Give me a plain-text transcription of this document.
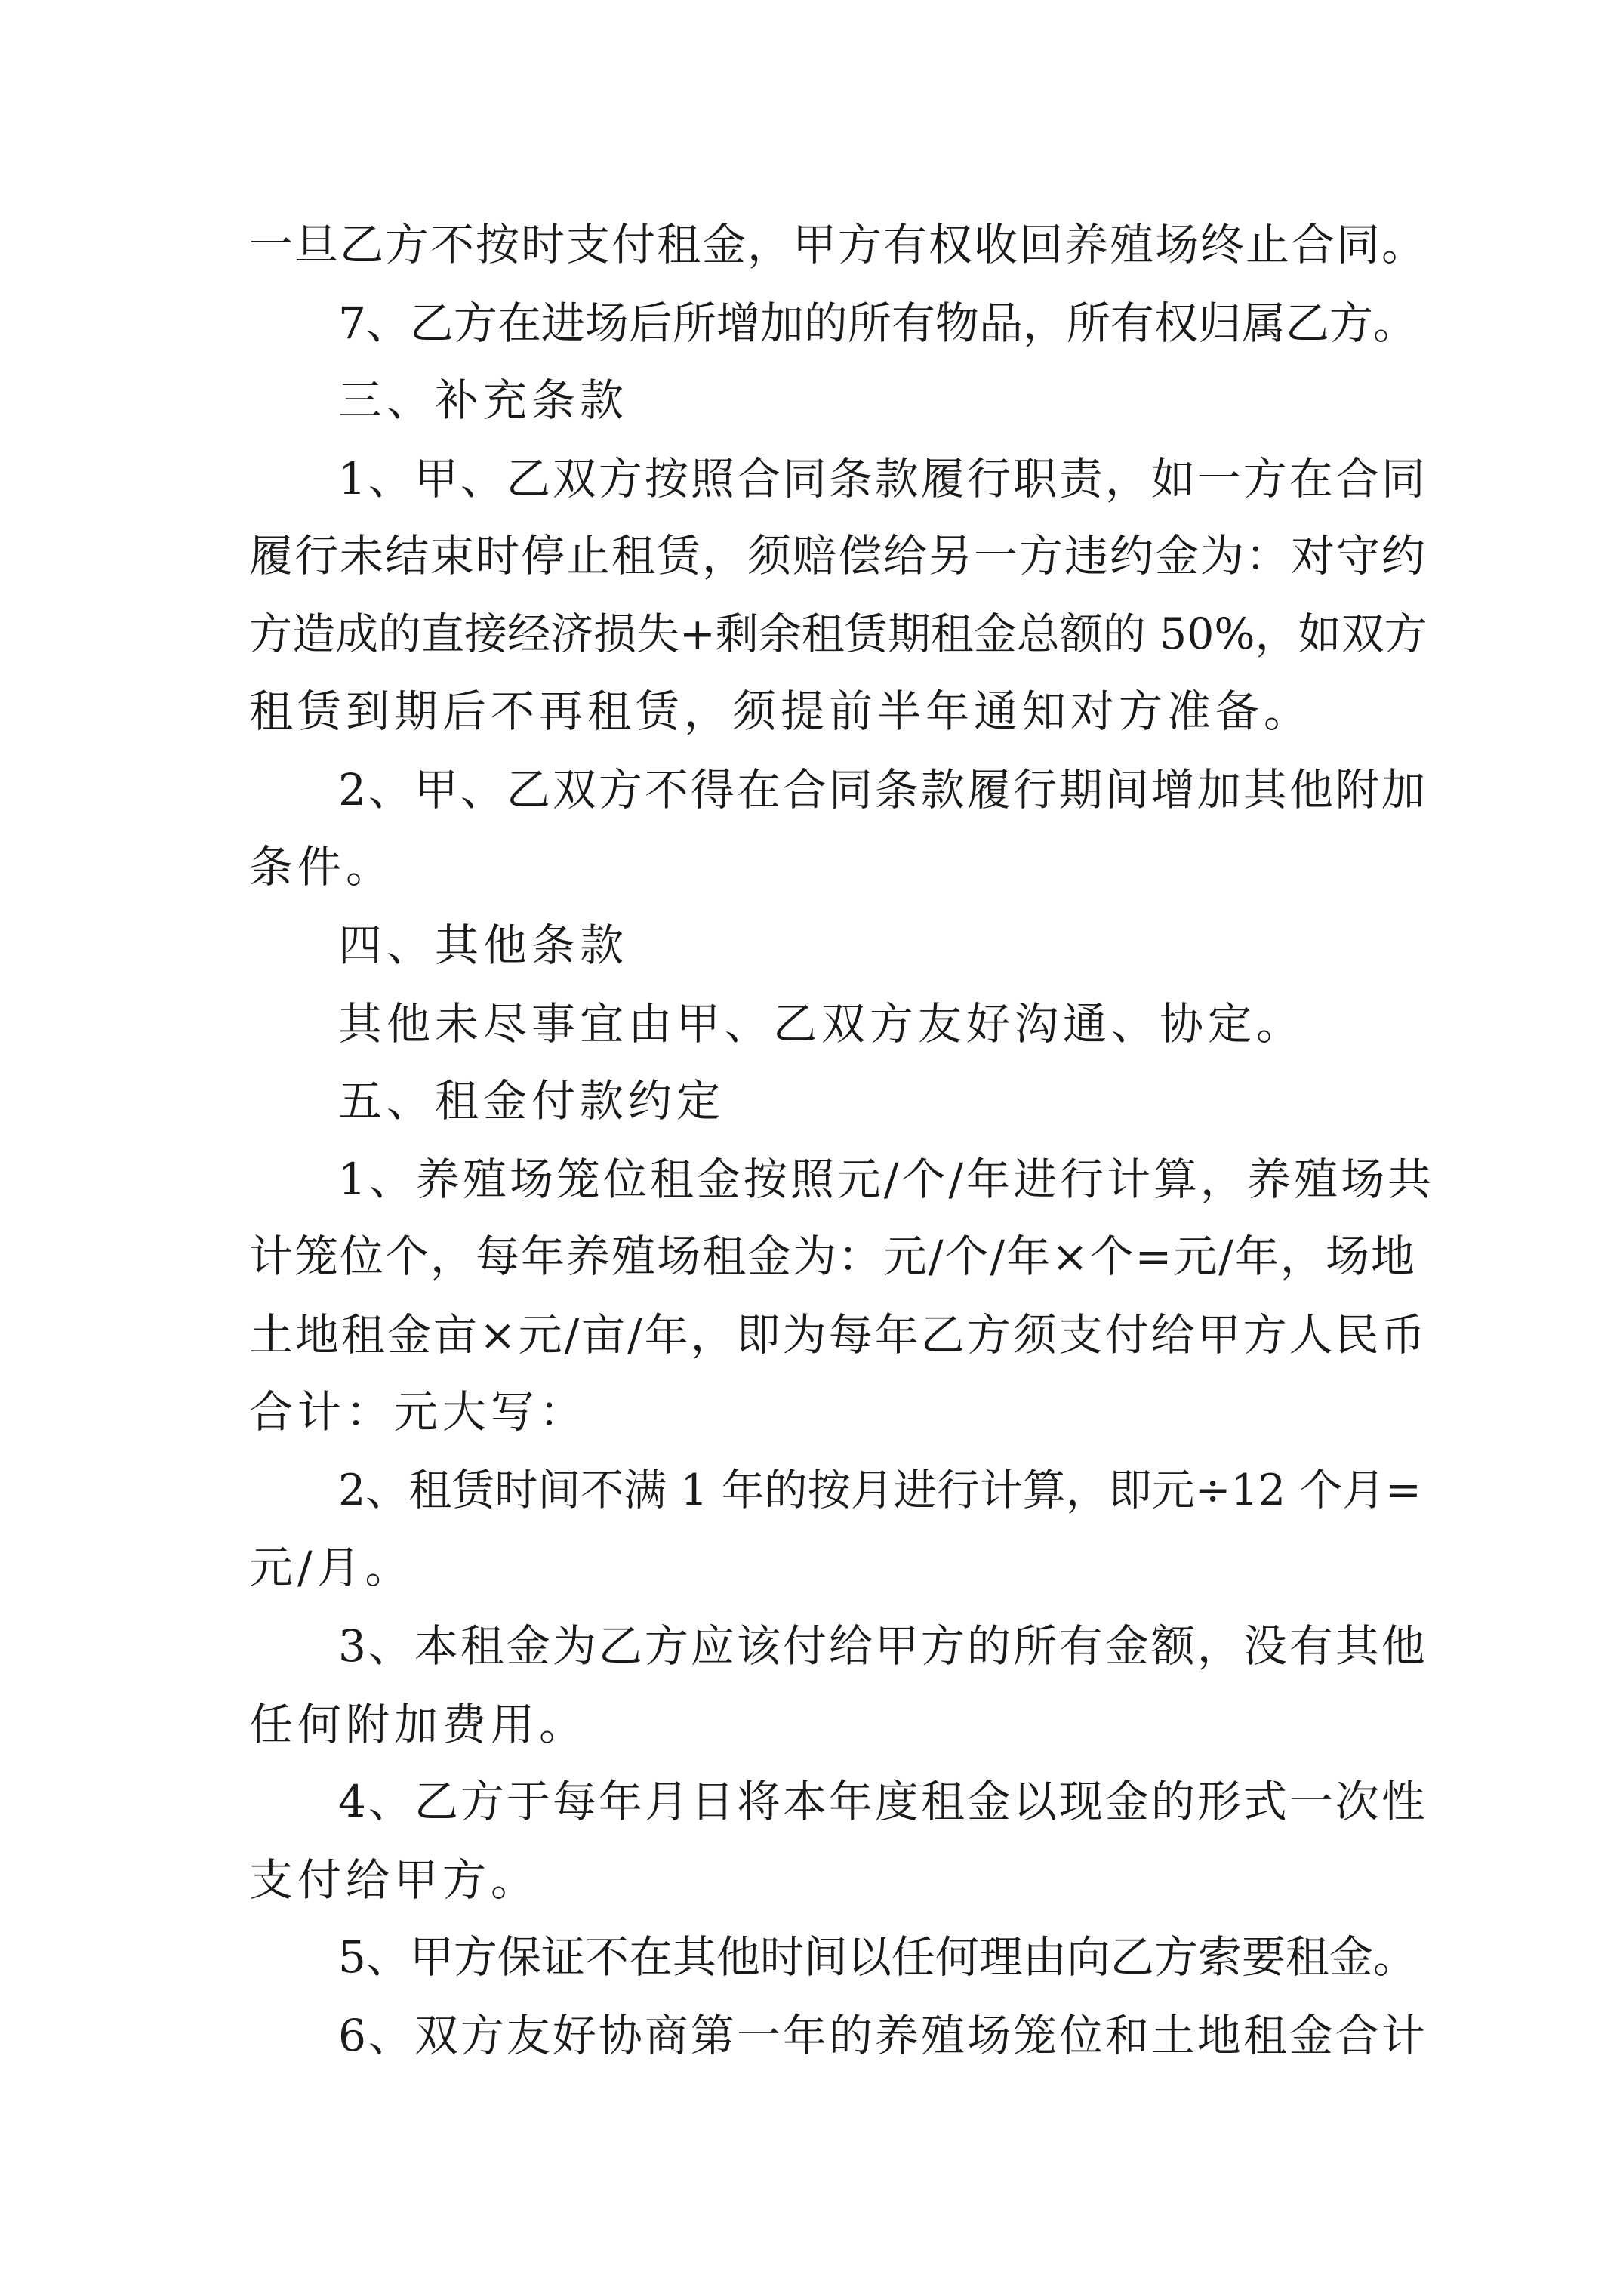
一旦乙方不按时支付租金，甲方有权收回养殖场终止合同。
7、乙方在进场后所增加的所有物品，所有权归属乙方。
三、补充条款
1、甲、乙双方按照合同条款履行职责，如一方在合同
履行未结束时停止租赁，须赔偿给另一方违约金为：对守约
方造成的直接经济损失+剩余租赁期租金总额的 50%，如双方
租赁到期后不再租赁，须提前半年通知对方准备。
2、甲、乙双方不得在合同条款履行期间增加其他附加
条件。
四、其他条款
其他未尽事宜由甲、乙双方友好沟通、协定。
五、租金付款约定
1、养殖场笼位租金按照元/个/年进行计算，养殖场共
计笼位个，每年养殖场租金为：元/个/年×个=元/年，场地
土地租金亩×元/亩/年，即为每年乙方须支付给甲方人民币
合计：元大写：
2、租赁时间不满 1 年的按月进行计算，即元÷12 个月=
元/月。
3、本租金为乙方应该付给甲方的所有金额，没有其他
任何附加费用。
4、乙方于每年月日将本年度租金以现金的形式一次性
支付给甲方。
5、甲方保证不在其他时间以任何理由向乙方索要租金。
6、双方友好协商第一年的养殖场笼位和土地租金合计
